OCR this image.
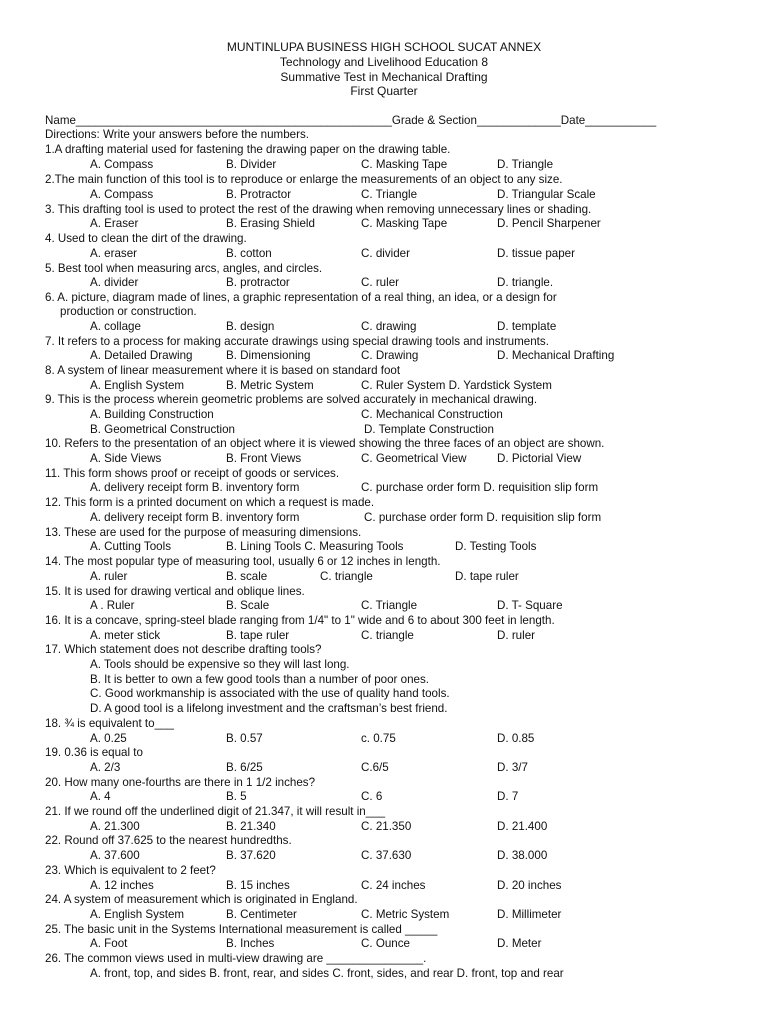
MUNTINLUPA BUSINESS HIGH SCHOOL SUCAT ANNEX
Technology and Livelihood Education 8
Summative Test in Mechanical Drafting
First Quarter
Name_________________________________________________Grade & Section_____________Date___________
Directions: Write your answers before the numbers.
1.A drafting material used for fastening the drawing paper on the drawing table.
A. Compass	B. Divider	C. Masking Tape	D. Triangle
2.The main function of this tool is to reproduce or enlarge the measurements of an object to any size.
A. Compass	B. Protractor	C. Triangle	D. Triangular Scale
3. This drafting tool is used to protect the rest of the drawing when removing unnecessary lines or shading.
A. Eraser	B. Erasing Shield	C. Masking Tape	D. Pencil Sharpener
4. Used to clean the dirt of the drawing.
A. eraser	B. cotton	C. divider	D. tissue paper
5. Best tool when measuring arcs, angles, and circles.
A. divider	B. protractor	C. ruler	D. triangle.
6. A. picture, diagram made of lines, a graphic representation of a real thing, an idea, or a design for
production or construction.
A. collage	B. design	C. drawing	D. template
7. It refers to a process for making accurate drawings using special drawing tools and instruments.
A. Detailed Drawing	B. Dimensioning	C. Drawing	D. Mechanical Drafting
8. A system of linear measurement where it is based on standard foot
A. English System	B. Metric System	C. Ruler System D. Yardstick System
9. This is the process wherein geometric problems are solved accurately in mechanical drawing.
A. Building Construction	C. Mechanical Construction
B. Geometrical Construction	D. Template Construction
10. Refers to the presentation of an object where it is viewed showing the three faces of an object are shown.
A. Side Views	B. Front Views	C. Geometrical View	D. Pictorial View
11. This form shows proof or receipt of goods or services.
A. delivery receipt form B. inventory form	C. purchase order form D. requisition slip form
12. This form is a printed document on which a request is made.
A. delivery receipt form B. inventory form	C. purchase order form D. requisition slip form
13. These are used for the purpose of measuring dimensions.
A. Cutting Tools	B. Lining Tools C. Measuring Tools	D. Testing Tools
14. The most popular type of measuring tool, usually 6 or 12 inches in length.
A. ruler	B. scale	C. triangle	D. tape ruler
15. It is used for drawing vertical and oblique lines.
A . Ruler	B. Scale	C. Triangle	D. T- Square
16. It is a concave, spring-steel blade ranging from 1/4" to 1" wide and 6 to about 300 feet in length.
A. meter stick	B. tape ruler	C. triangle	D. ruler
17. Which statement does not describe drafting tools?
A. Tools should be expensive so they will last long.
B. It is better to own a few good tools than a number of poor ones.
C. Good workmanship is associated with the use of quality hand tools.
D. A good tool is a lifelong investment and the craftsman’s best friend.
18. ¾ is equivalent to___
A. 0.25	B. 0.57	c. 0.75	D. 0.85
19. 0.36 is equal to
A. 2/3	B. 6/25	C.6/5	D. 3/7
20. How many one-fourths are there in 1 1/2 inches?
A. 4	B. 5	C. 6	D. 7
21. If we round off the underlined digit of 21.347, it will result in___
A. 21.300	B. 21.340	C. 21.350	D. 21.400
22. Round off 37.625 to the nearest hundredths.
A. 37.600	B. 37.620	C. 37.630	D. 38.000
23. Which is equivalent to 2 feet?
A. 12 inches	B. 15 inches	C. 24 inches	D. 20 inches
24. A system of measurement which is originated in England.
A. English System	B. Centimeter	C. Metric System	D. Millimeter
25. The basic unit in the Systems International measurement is called _____
A. Foot	B. Inches	C. Ounce	D. Meter
26. The common views used in multi-view drawing are _______________.
A. front, top, and sides B. front, rear, and sides C. front, sides, and rear D. front, top and rear
